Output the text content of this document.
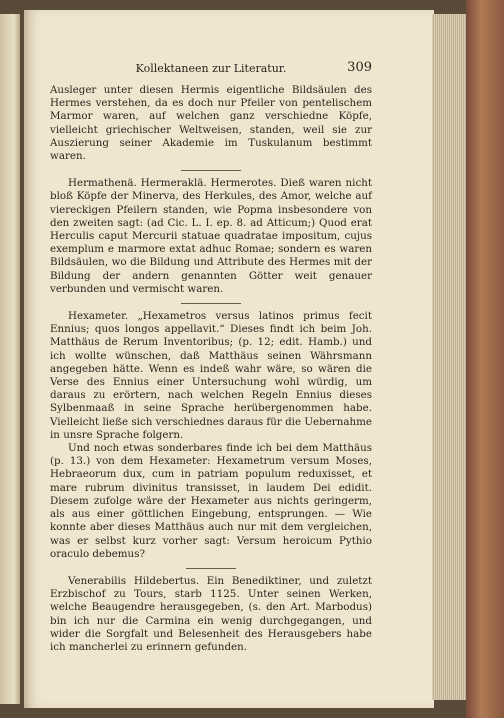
Kollektaneen zur Literatur.	309

Ausleger unter diesen Hermis eigentliche Bildsäulen des Hermes verstehen, da es doch nur Pfeiler von pentelischem Marmor waren, auf welchen ganz verschiedne Köpfe, vielleicht griechischer Weltweisen, standen, weil sie zur Auszierung seiner Akademie im Tuskulanum bestimmt waren.

Hermathenä. Hermeraklä. Hermerotes. Dieß waren nicht bloß Köpfe der Minerva, des Herkules, des Amor, welche auf viereckigen Pfeilern standen, wie Popma insbesondere von den zweiten sagt: (ad Cic. L. I. ep. 8. ad Atticum;) Quod erat Herculis caput Mercurii statuae quadratae impositum, cujus exemplum e marmore extat adhuc Romae; sondern es waren Bildsäulen, wo die Bildung und Attribute des Hermes mit der Bildung der andern genannten Götter weit genauer verbunden und vermischt waren.

Hexameter. „Hexametros versus latinos primus fecit Ennius; quos longos appellavit.“ Dieses findt ich beim Joh. Matthäus de Rerum Inventoribus; (p. 12; edit. Hamb.) und ich wollte wünschen, daß Matthäus seinen Währsmann angegeben hätte. Wenn es indeß wahr wäre, so wären die Verse des Ennius einer Untersuchung wohl würdig, um daraus zu erörtern, nach welchen Regeln Ennius dieses Sylbenmaaß in seine Sprache herübergenommen habe. Vielleicht ließe sich verschiednes daraus für die Uebernahme in unsre Sprache folgern.

Und noch etwas sonderbares finde ich bei dem Matthäus (p. 13.) von dem Hexameter: Hexametrum versum Moses, Hebraeorum dux, cum in patriam populum reduxisset, et mare rubrum divinitus transisset, in laudem Dei edidit. Diesem zufolge wäre der Hexameter aus nichts geringerm, als aus einer göttlichen Eingebung, entsprungen. — Wie konnte aber dieses Matthäus auch nur mit dem vergleichen, was er selbst kurz vorher sagt: Versum heroicum Pythio oraculo debemus?

Venerabilis Hildebertus. Ein Benediktiner, und zuletzt Erzbischof zu Tours, starb 1125. Unter seinen Werken, welche Beaugendre herausgegeben, (s. den Art. Marbodus) bin ich nur die Carmina ein wenig durchgegangen, und wider die Sorgfalt und Belesenheit des Herausgebers habe ich mancherlei zu erinnern gefunden.
